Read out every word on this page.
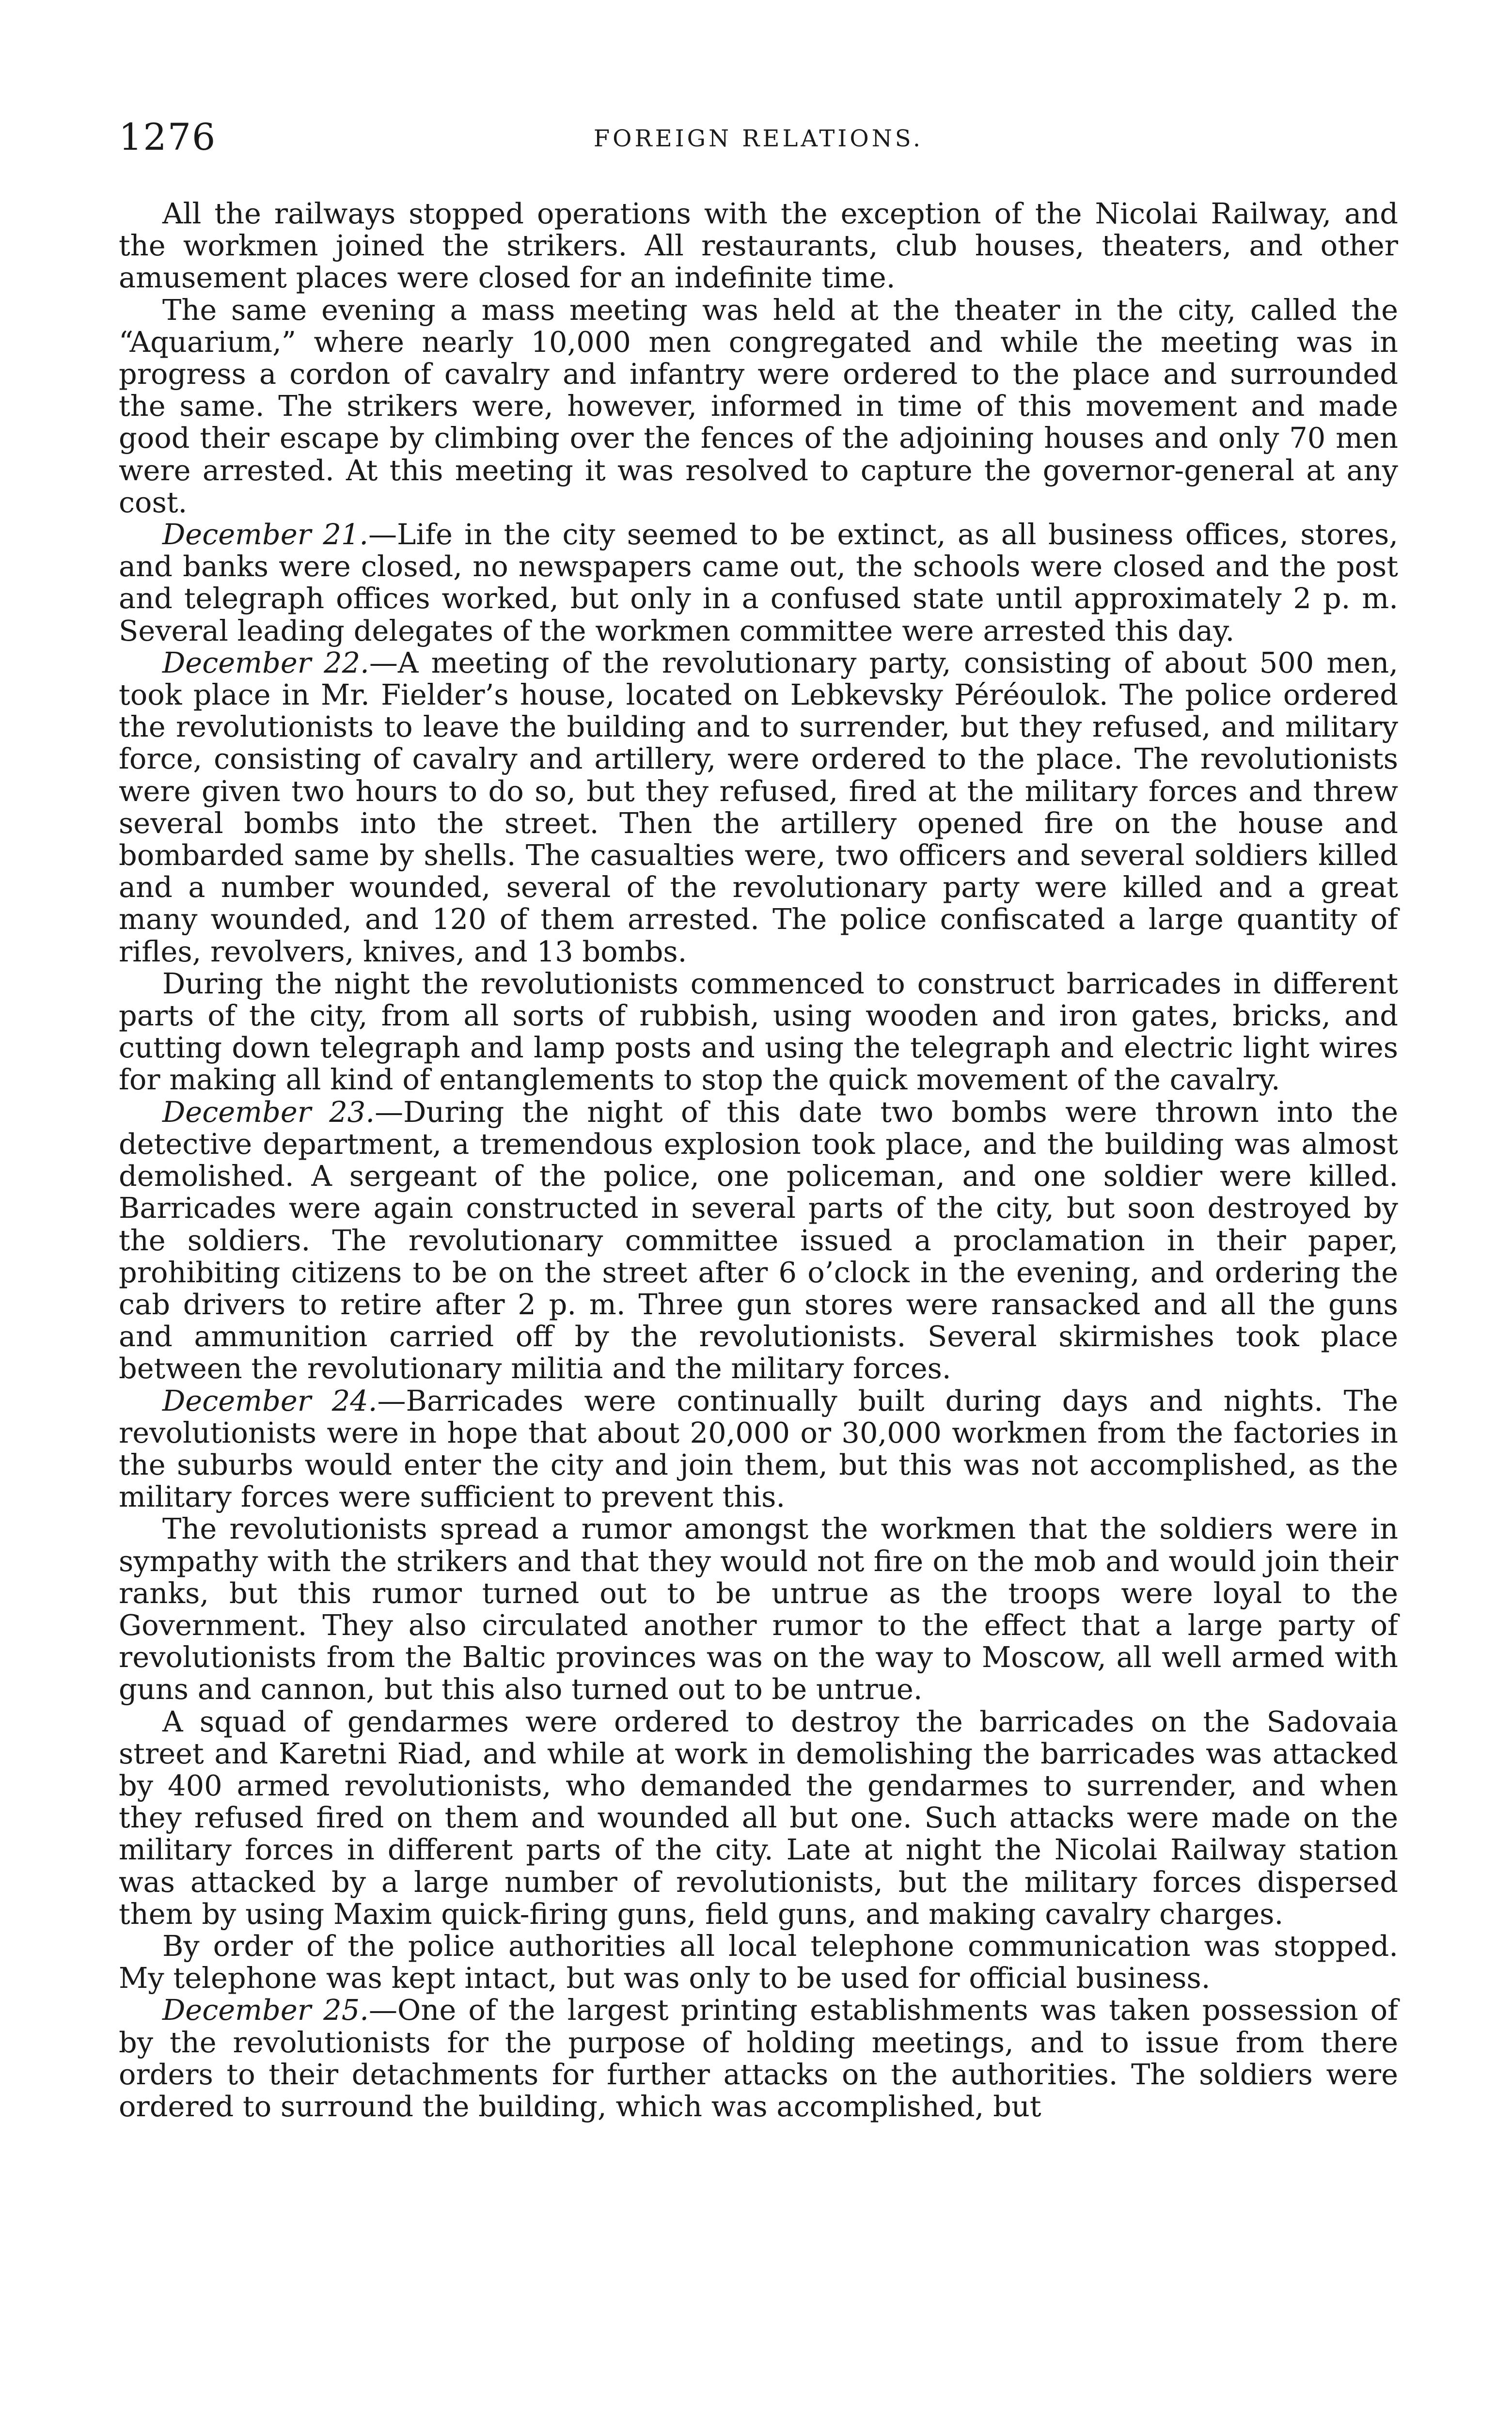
1276	FOREIGN RELATIONS.

All the railways stopped operations with the exception of the Nicolai Railway, and the workmen joined the strikers. All restaurants, club houses, theaters, and other amusement places were closed for an indefinite time.

The same evening a mass meeting was held at the theater in the city, called the “Aquarium,” where nearly 10,000 men congregated and while the meeting was in progress a cordon of cavalry and infantry were ordered to the place and surrounded the same. The strikers were, however, informed in time of this movement and made good their escape by climbing over the fences of the adjoining houses and only 70 men were arrested. At this meeting it was resolved to capture the governor-general at any cost.

December 21.—Life in the city seemed to be extinct, as all business offices, stores, and banks were closed, no newspapers came out, the schools were closed and the post and telegraph offices worked, but only in a confused state until approximately 2 p. m. Several leading delegates of the workmen committee were arrested this day.

December 22.—A meeting of the revolutionary party, consisting of about 500 men, took place in Mr. Fielder’s house, located on Lebkevsky Péréoulok. The police ordered the revolutionists to leave the building and to surrender, but they refused, and military force, consisting of cavalry and artillery, were ordered to the place. The revolutionists were given two hours to do so, but they refused, fired at the military forces and threw several bombs into the street. Then the artillery opened fire on the house and bombarded same by shells. The casualties were, two officers and several soldiers killed and a number wounded, several of the revolutionary party were killed and a great many wounded, and 120 of them arrested. The police confiscated a large quantity of rifles, revolvers, knives, and 13 bombs.

During the night the revolutionists commenced to construct barricades in different parts of the city, from all sorts of rubbish, using wooden and iron gates, bricks, and cutting down telegraph and lamp posts and using the telegraph and electric light wires for making all kind of entanglements to stop the quick movement of the cavalry.

December 23.—During the night of this date two bombs were thrown into the detective department, a tremendous explosion took place, and the building was almost demolished. A sergeant of the police, one policeman, and one soldier were killed. Barricades were again constructed in several parts of the city, but soon destroyed by the soldiers. The revolutionary committee issued a proclamation in their paper, prohibiting citizens to be on the street after 6 o’clock in the evening, and ordering the cab drivers to retire after 2 p. m. Three gun stores were ransacked and all the guns and ammunition carried off by the revolutionists. Several skirmishes took place between the revolutionary militia and the military forces.

December 24.—Barricades were continually built during days and nights. The revolutionists were in hope that about 20,000 or 30,000 workmen from the factories in the suburbs would enter the city and join them, but this was not accomplished, as the military forces were sufficient to prevent this.

The revolutionists spread a rumor amongst the workmen that the soldiers were in sympathy with the strikers and that they would not fire on the mob and would join their ranks, but this rumor turned out to be untrue as the troops were loyal to the Government. They also circulated another rumor to the effect that a large party of revolutionists from the Baltic provinces was on the way to Moscow, all well armed with guns and cannon, but this also turned out to be untrue.

A squad of gendarmes were ordered to destroy the barricades on the Sadovaia street and Karetni Riad, and while at work in demolishing the barricades was attacked by 400 armed revolutionists, who demanded the gendarmes to surrender, and when they refused fired on them and wounded all but one. Such attacks were made on the military forces in different parts of the city. Late at night the Nicolai Railway station was attacked by a large number of revolutionists, but the military forces dispersed them by using Maxim quick-firing guns, field guns, and making cavalry charges.

By order of the police authorities all local telephone communication was stopped. My telephone was kept intact, but was only to be used for official business.

December 25.—One of the largest printing establishments was taken possession of by the revolutionists for the purpose of holding meetings, and to issue from there orders to their detachments for further attacks on the authorities. The soldiers were ordered to surround the building, which was accomplished, but
